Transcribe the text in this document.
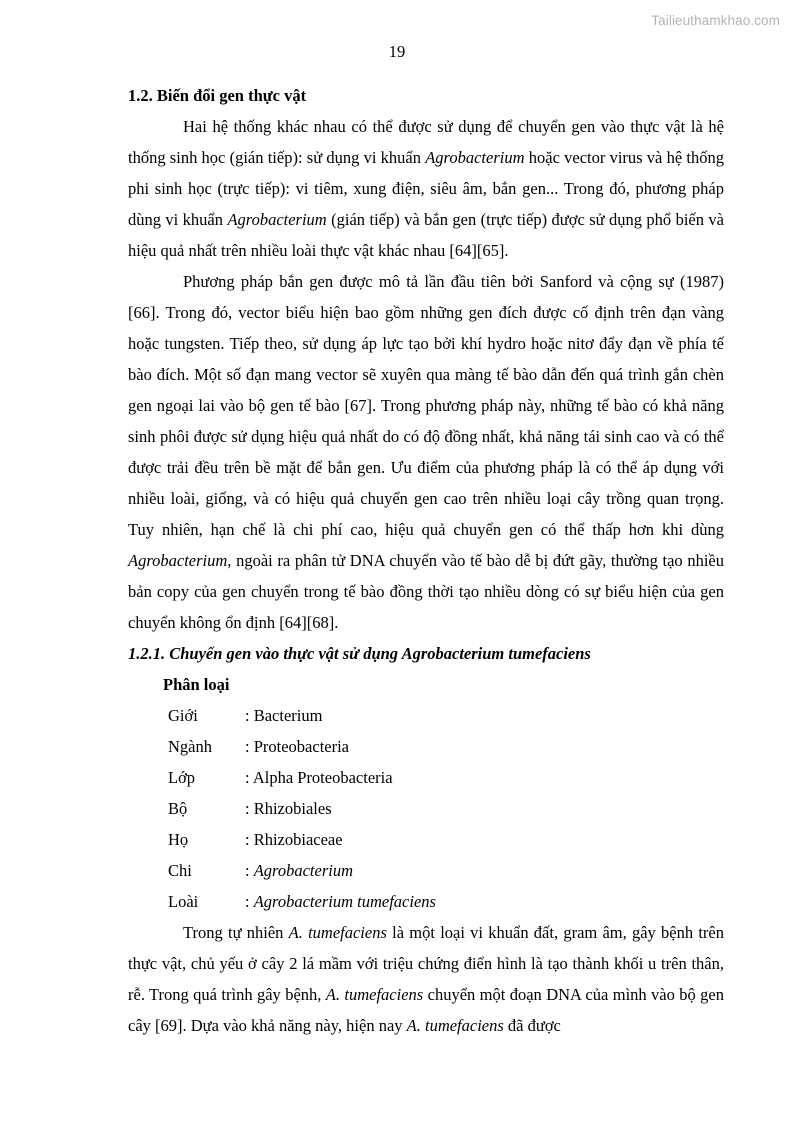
Tailieuthamkhao.com
19
1.2. Biến đổi gen thực vật

Hai hệ thống khác nhau có thể được sử dụng để chuyển gen vào thực vật là hệ thống sinh học (gián tiếp): sử dụng vi khuẩn Agrobacterium hoặc vector virus và hệ thống phi sinh học (trực tiếp): vi tiêm, xung điện, siêu âm, bắn gen... Trong đó, phương pháp dùng vi khuẩn Agrobacterium (gián tiếp) và bắn gen (trực tiếp) được sử dụng phổ biến và hiệu quả nhất trên nhiều loài thực vật khác nhau [64][65].

Phương pháp bắn gen được mô tả lần đầu tiên bởi Sanford và cộng sự (1987) [66]. Trong đó, vector biểu hiện bao gồm những gen đích được cố định trên đạn vàng hoặc tungsten. Tiếp theo, sử dụng áp lực tạo bởi khí hydro hoặc nitơ đẩy đạn về phía tế bào đích. Một số đạn mang vector sẽ xuyên qua màng tế bào dẫn đến quá trình gắn chèn gen ngoại lai vào bộ gen tế bào [67]. Trong phương pháp này, những tế bào có khả năng sinh phôi được sử dụng hiệu quả nhất do có độ đồng nhất, khả năng tái sinh cao và có thể được trải đều trên bề mặt để bắn gen. Ưu điểm của phương pháp là có thể áp dụng với nhiều loài, giống, và có hiệu quả chuyển gen cao trên nhiều loại cây trồng quan trọng. Tuy nhiên, hạn chế là chi phí cao, hiệu quả chuyển gen có thể thấp hơn khi dùng Agrobacterium, ngoài ra phân tử DNA chuyển vào tế bào dễ bị đứt gãy, thường tạo nhiều bản copy của gen chuyển trong tế bào đồng thời tạo nhiều dòng có sự biểu hiện của gen chuyển không ổn định [64][68].

1.2.1. Chuyển gen vào thực vật sử dụng Agrobacterium tumefaciens
Phân loại
Giới	: Bacterium
Ngành	: Proteobacteria
Lớp	: Alpha Proteobacteria
Bộ	: Rhizobiales
Họ	: Rhizobiaceae
Chi	: Agrobacterium
Loài	: Agrobacterium tumefaciens

Trong tự nhiên A. tumefaciens là một loại vi khuẩn đất, gram âm, gây bệnh trên thực vật, chủ yếu ở cây 2 lá mầm với triệu chứng điển hình là tạo thành khối u trên thân, rễ. Trong quá trình gây bệnh, A. tumefaciens chuyển một đoạn DNA của mình vào bộ gen cây [69]. Dựa vào khả năng này, hiện nay A. tumefaciens đã được
